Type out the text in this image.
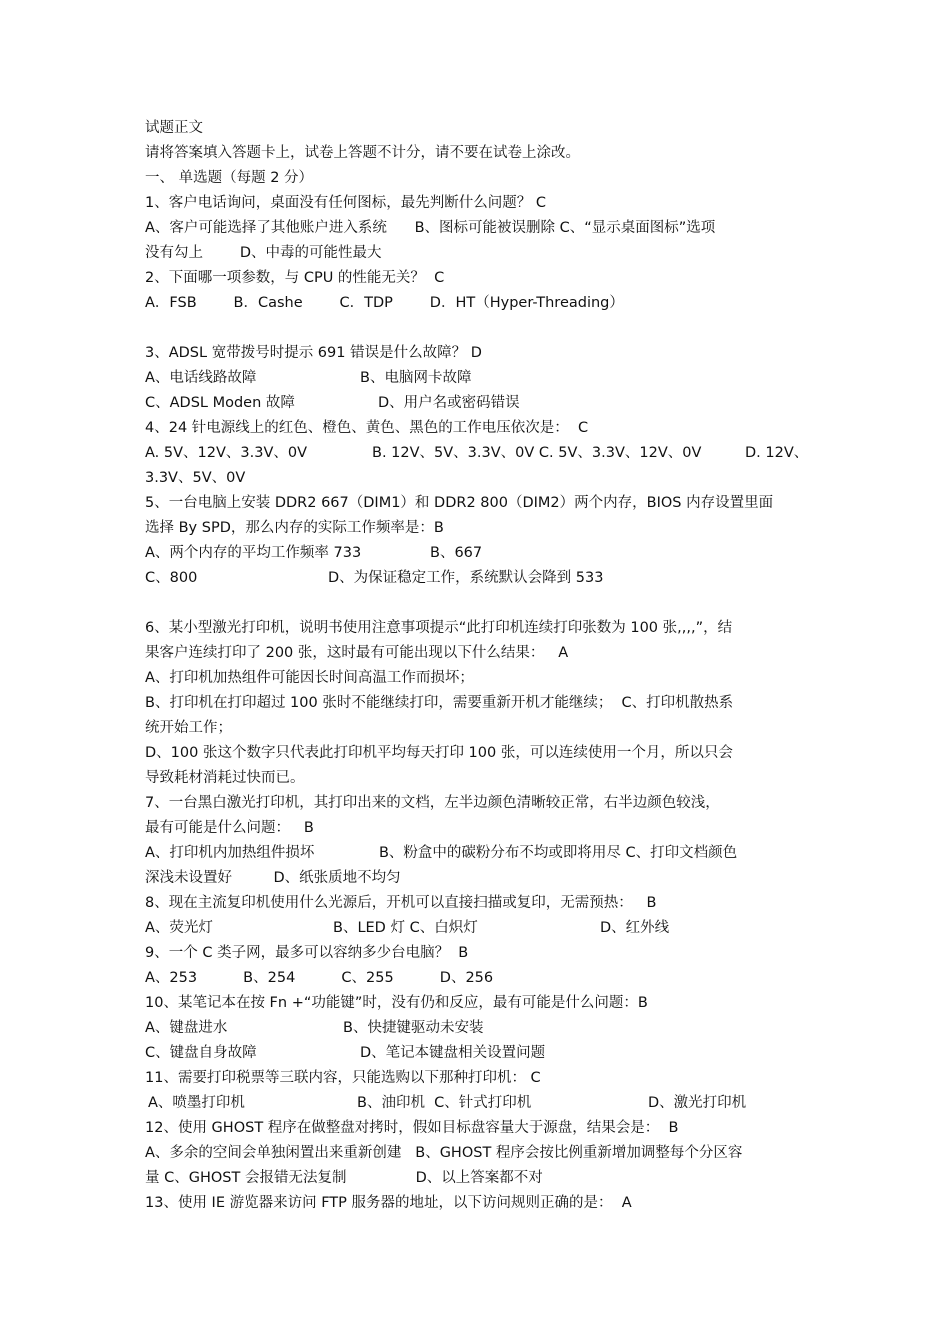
试题正文
请将答案填入答题卡上，试卷上答题不计分，请不要在试卷上涂改。
一、 单选题（每题 2 分）
1、客户电话询问，桌面没有任何图标，最先判断什么问题？ C
A、客户可能选择了其他账户进入系统      B、图标可能被误删除 C、“显示桌面图标”选项
没有勾上        D、中毒的可能性最大
2、下面哪一项参数，与 CPU 的性能无关？  C
A．FSB        B．Cashe        C．TDP        D．HT（Hyper-Threading）
3、ADSL 宽带拨号时提示 691 错误是什么故障？ D
A、电话线路故障	B、电脑网卡故障
C、ADSL Moden 故障	D、用户名或密码错误
4、24 针电源线上的红色、橙色、黄色、黑色的工作电压依次是：  C
A. 5V、12V、3.3V、0V	B. 12V、5V、3.3V、0V C. 5V、3.3V、12V、0V	D. 12V、
3.3V、5V、0V
5、一台电脑上安装 DDR2 667（DIM1）和 DDR2 800（DIM2）两个内存，BIOS 内存设置里面
选择 By SPD，那么内存的实际工作频率是：B
A、两个内存的平均工作频率 733	B、667
C、800	D、为保证稳定工作，系统默认会降到 533
6、某小型激光打印机，说明书使用注意事项提示“此打印机连续打印张数为 100 张,,,,”，结
果客户连续打印了 200 张，这时最有可能出现以下什么结果：   A
A、打印机加热组件可能因长时间高温工作而损坏；
B、打印机在打印超过 100 张时不能继续打印，需要重新开机才能继续；  C、打印机散热系
统开始工作；
D、100 张这个数字只代表此打印机平均每天打印 100 张，可以连续使用一个月，所以只会
导致耗材消耗过快而已。
7、一台黑白激光打印机，其打印出来的文档，左半边颜色清晰较正常，右半边颜色较浅，
最有可能是什么问题：   B
A、打印机内加热组件损坏              B、粉盒中的碳粉分布不均或即将用尽 C、打印文档颜色
深浅未设置好         D、纸张质地不均匀
8、现在主流复印机使用什么光源后，开机可以直接扫描或复印，无需预热：   B
A、荧光灯	B、LED 灯 C、白炽灯	D、红外线
9、一个 C 类子网，最多可以容纳多少台电脑？  B
A、253          B、254          C、255          D、256
10、某笔记本在按 Fn +“功能键”时，没有仍和反应，最有可能是什么问题：B
A、键盘进水	B、快捷键驱动未安装
C、键盘自身故障	D、笔记本键盘相关设置问题
11、需要打印税票等三联内容，只能选购以下那种打印机： C
A、喷墨打印机	B、油印机  C、针式打印机	D、激光打印机
12、使用 GHOST 程序在做整盘对拷时，假如目标盘容量大于源盘，结果会是：  B
A、多余的空间会单独闲置出来重新创建   B、GHOST 程序会按比例重新增加调整每个分区容
量 C、GHOST 会报错无法复制               D、以上答案都不对
13、使用 IE 游览器来访问 FTP 服务器的地址，以下访问规则正确的是：  A
